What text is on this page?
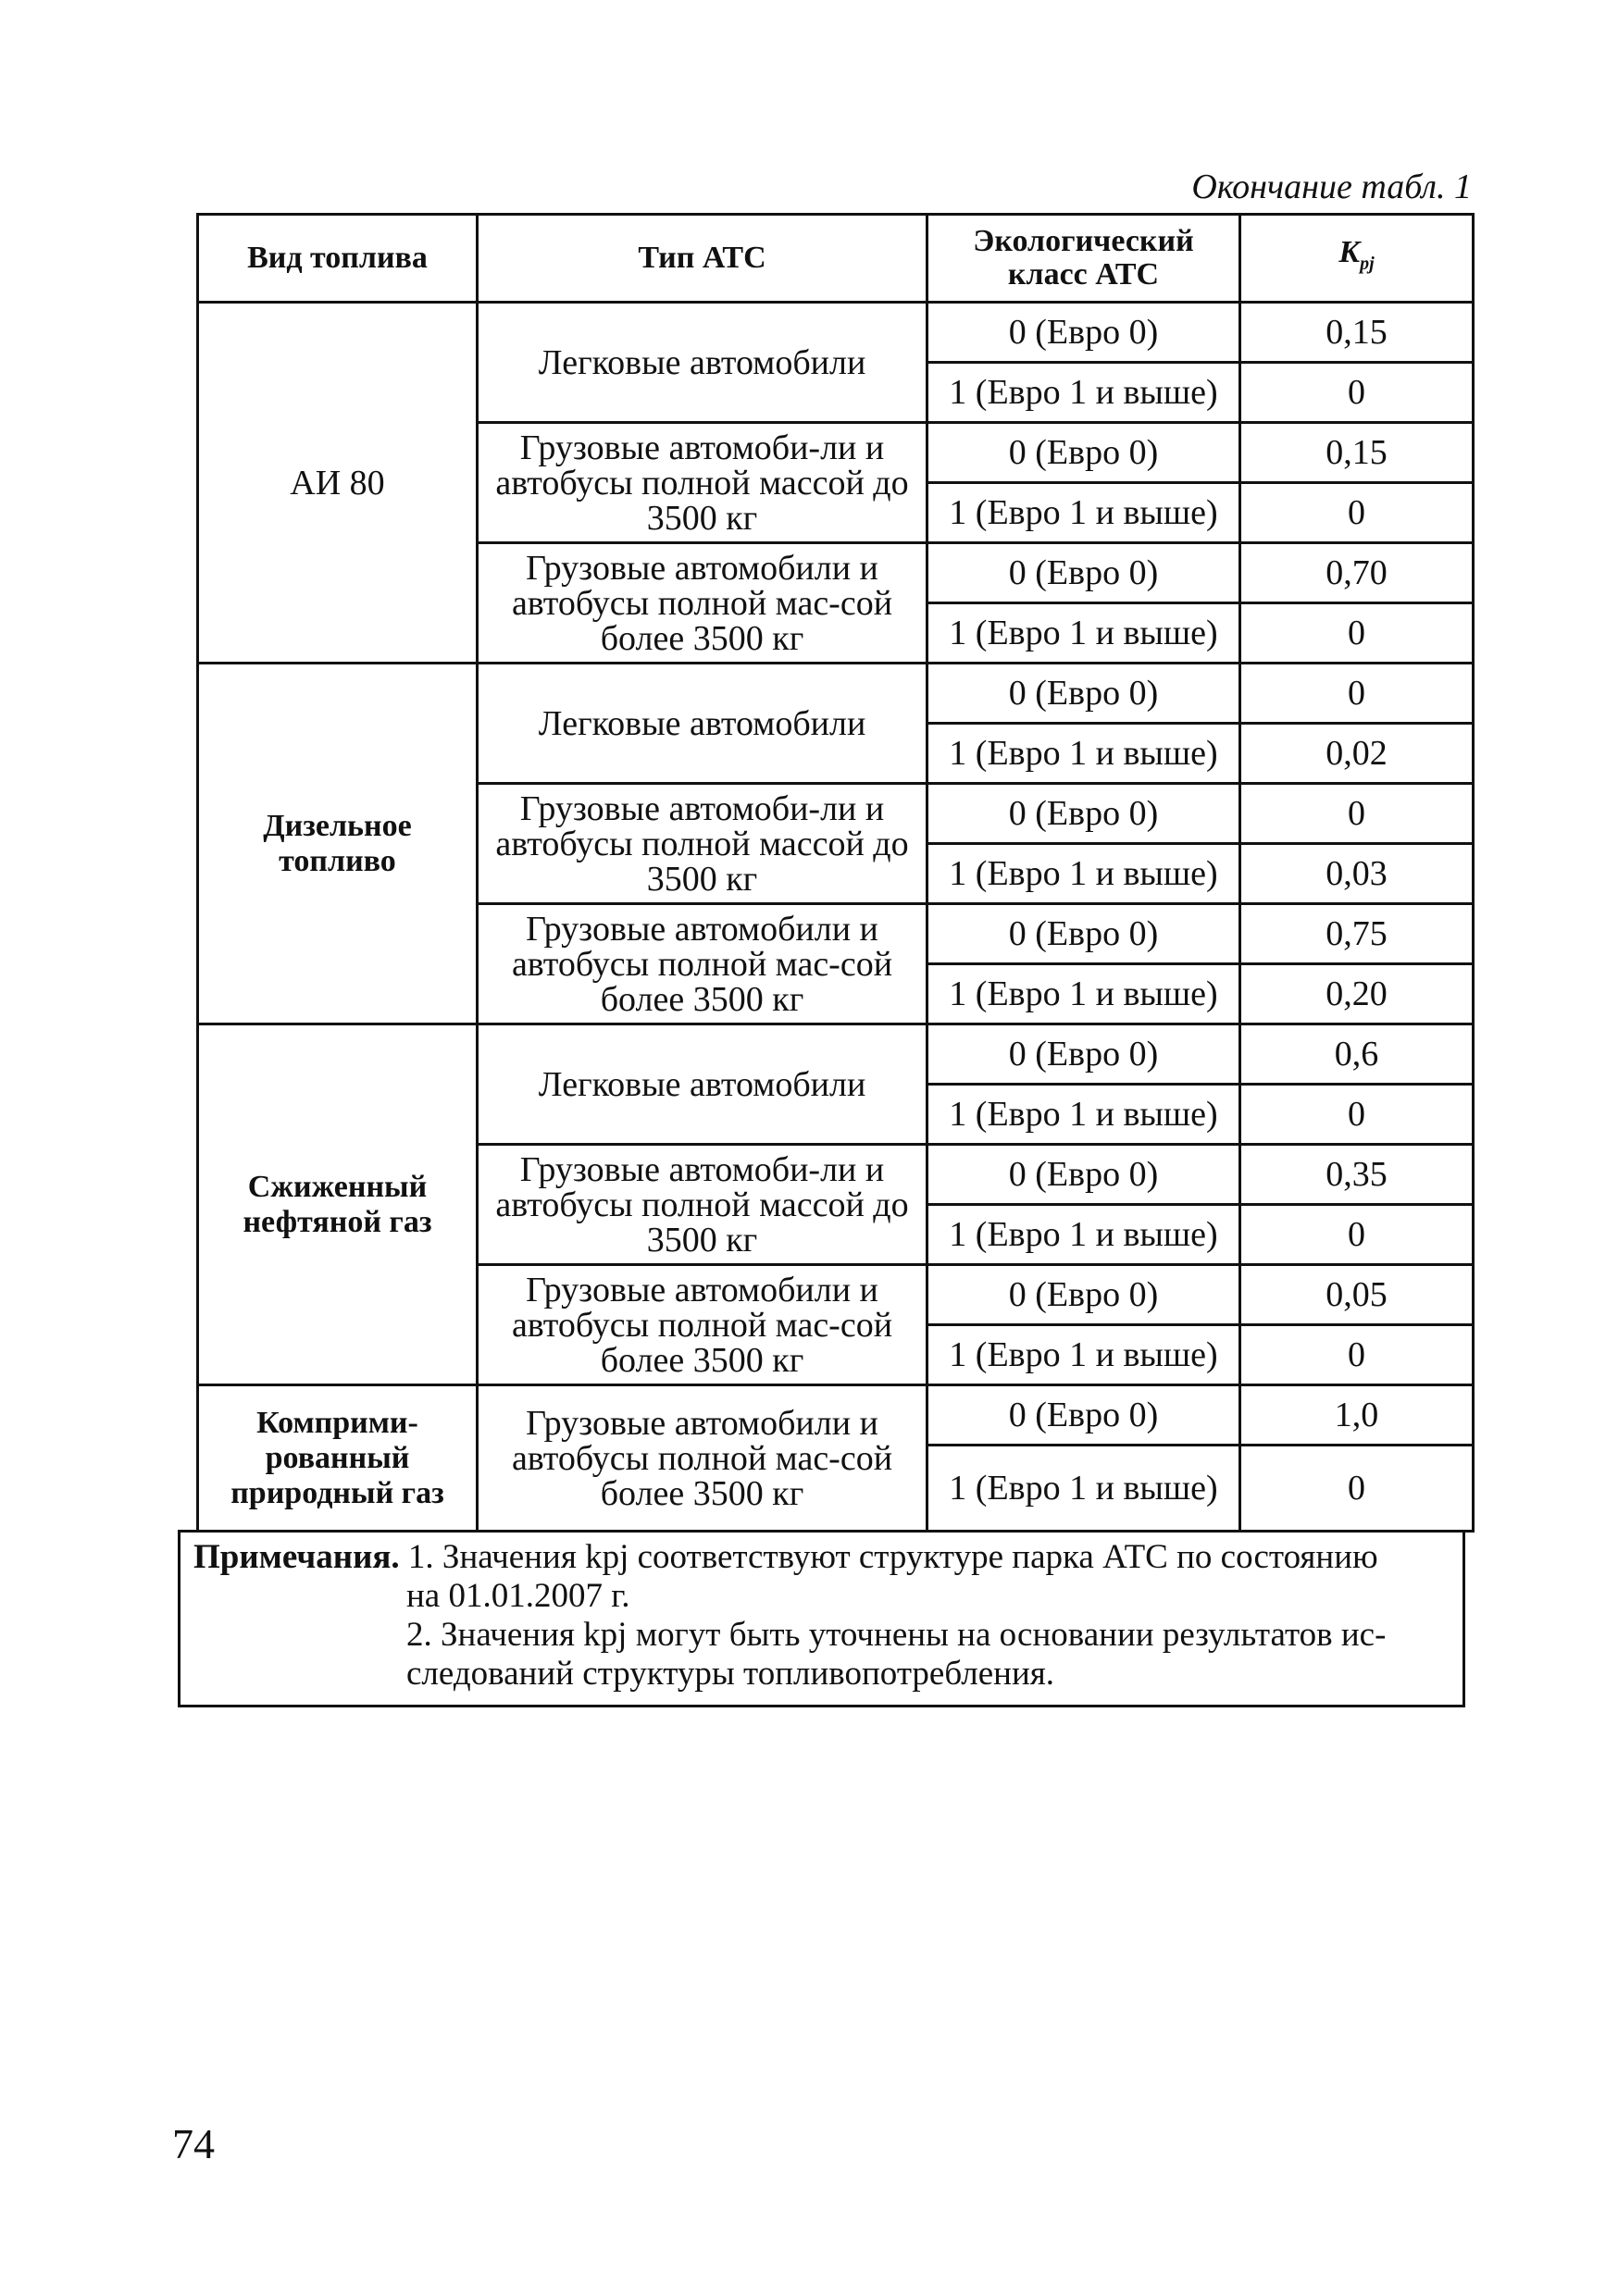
Окончание табл. 1
Вид топлива	Тип АТС	Экологический класс АТС	$K_{pj}$
АИ 80	Легковые автомобили	0 (Евро 0)	0,15
		1 (Евро 1 и выше)	0
	Грузовые автомоби-ли и автобусы полной массой до 3500 кг	0 (Евро 0)	0,15
		1 (Евро 1 и выше)	0
	Грузовые автомобили и автобусы полной мас-сой более 3500 кг	0 (Евро 0)	0,70
		1 (Евро 1 и выше)	0
Дизельное топливо	Легковые автомобили	0 (Евро 0)	0
		1 (Евро 1 и выше)	0,02
	Грузовые автомоби-ли и автобусы полной массой до 3500 кг	0 (Евро 0)	0
		1 (Евро 1 и выше)	0,03
	Грузовые автомобили и автобусы полной мас-сой более 3500 кг	0 (Евро 0)	0,75
		1 (Евро 1 и выше)	0,20
Сжиженный нефтяной газ	Легковые автомобили	0 (Евро 0)	0,6
		1 (Евро 1 и выше)	0
	Грузовые автомоби-ли и автобусы полной массой до 3500 кг	0 (Евро 0)	0,35
		1 (Евро 1 и выше)	0
	Грузовые автомобили и автобусы полной мас-сой более 3500 кг	0 (Евро 0)	0,05
		1 (Евро 1 и выше)	0
Комприми-рованный природный газ	Грузовые автомобили и автобусы полной мас-сой более 3500 кг	0 (Евро 0)	1,0
		1 (Евро 1 и выше)	0
Примечания. 1. Значения kpj соответствуют структуре парка АТС по состоянию
на 01.01.2007 г.
2. Значения kpj могут быть уточнены на основании результатов ис-
следований структуры топливопотребления.
74
